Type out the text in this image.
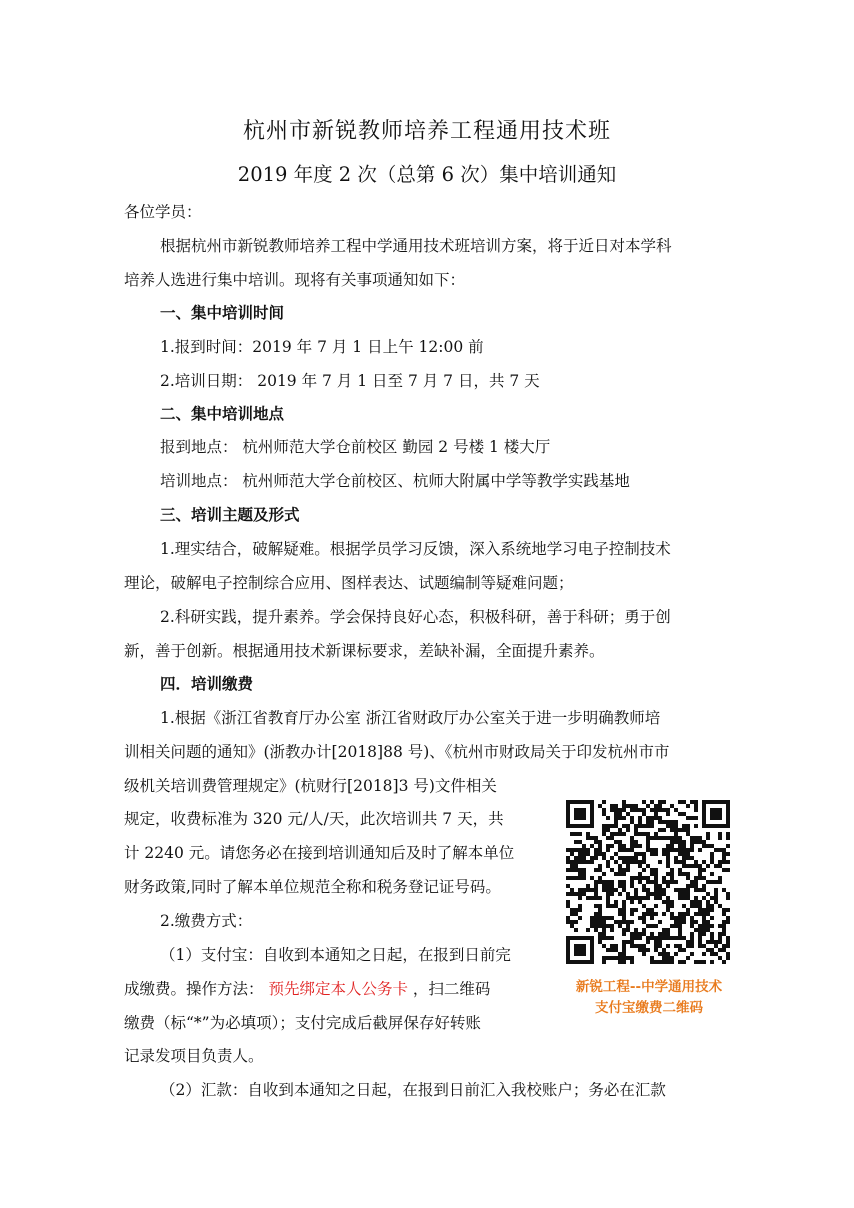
杭州市新锐教师培养工程通用技术班
2019 年度 2 次（总第 6 次）集中培训通知
各位学员：
根据杭州市新锐教师培养工程中学通用技术班培训方案，将于近日对本学科
培养人选进行集中培训。现将有关事项通知如下：
一、集中培训时间
1.报到时间：2019 年 7 月 1 日上午 12:00 前
2.培训日期： 2019 年 7 月 1 日至 7 月 7 日，共 7 天
二、集中培训地点
报到地点： 杭州师范大学仓前校区 勤园 2 号楼 1 楼大厅
培训地点： 杭州师范大学仓前校区、杭师大附属中学等教学实践基地
三、培训主题及形式
1.理实结合，破解疑难。根据学员学习反馈，深入系统地学习电子控制技术
理论，破解电子控制综合应用、图样表达、试题编制等疑难问题；
2.科研实践，提升素养。学会保持良好心态，积极科研，善于科研；勇于创
新，善于创新。根据通用技术新课标要求，差缺补漏，全面提升素养。
四．培训缴费
1.根据《浙江省教育厅办公室 浙江省财政厅办公室关于进一步明确教师培
训相关问题的通知》(浙教办计[2018]88 号)、《杭州市财政局关于印发杭州市市
级机关培训费管理规定》(杭财行[2018]3 号)文件相关
规定，收费标准为 320 元/人/天，此次培训共 7 天，共
计 2240 元。请您务必在接到培训通知后及时了解本单位
财务政策,同时了解本单位规范全称和税务登记证号码。
2.缴费方式：
（1）支付宝：自收到本通知之日起，在报到日前完
成缴费。操作方法： 预先绑定本人公务卡 ，扫二维码
缴费（标“*”为必填项）；支付完成后截屏保存好转账
记录发项目负责人。
（2）汇款：自收到本通知之日起，在报到日前汇入我校账户；务必在汇款
新锐工程--中学通用技术
支付宝缴费二维码
